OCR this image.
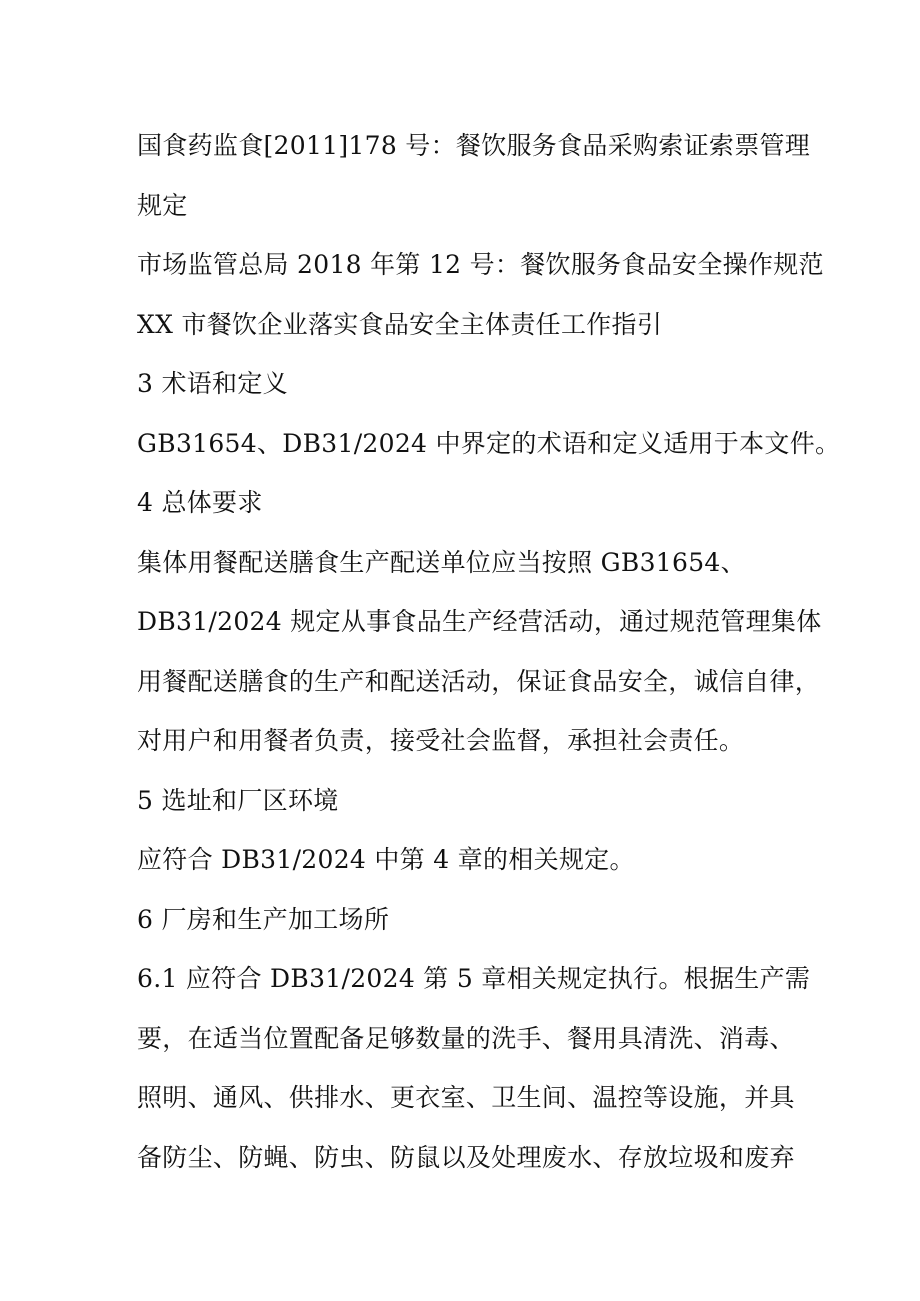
国食药监食[2011]178 号：餐饮服务食品采购索证索票管理
规定
市场监管总局 2018 年第 12 号：餐饮服务食品安全操作规范
XX 市餐饮企业落实食品安全主体责任工作指引
3 术语和定义
GB31654、DB31/2024 中界定的术语和定义适用于本文件。
4 总体要求
集体用餐配送膳食生产配送单位应当按照 GB31654、
DB31/2024 规定从事食品生产经营活动，通过规范管理集体
用餐配送膳食的生产和配送活动，保证食品安全，诚信自律，
对用户和用餐者负责，接受社会监督，承担社会责任。
5 选址和厂区环境
应符合 DB31/2024 中第 4 章的相关规定。
6 厂房和生产加工场所
6.1 应符合 DB31/2024 第 5 章相关规定执行。根据生产需
要，在适当位置配备足够数量的洗手、餐用具清洗、消毒、
照明、通风、供排水、更衣室、卫生间、温控等设施，并具
备防尘、防蝇、防虫、防鼠以及处理废水、存放垃圾和废弃
